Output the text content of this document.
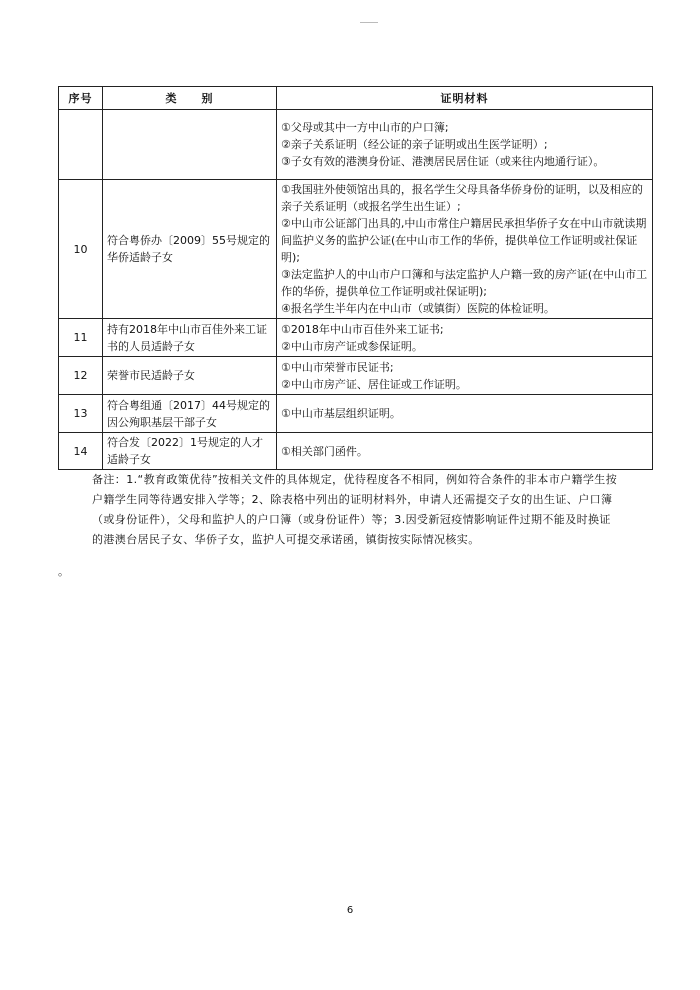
序号	类　　别	证明材料

		①父母或其中一方中山市的户口簿;
②亲子关系证明（经公证的亲子证明或出生医学证明）;
③子女有效的港澳身份证、港澳居民居住证（或来往内地通行证）。

10	符合粤侨办〔2009〕55号规定的华侨适龄子女	①我国驻外使领馆出具的，报名学生父母具备华侨身份的证明，以及相应的亲子关系证明（或报名学生出生证）;
②中山市公证部门出具的,中山市常住户籍居民承担华侨子女在中山市就读期间监护义务的监护公证(在中山市工作的华侨，提供单位工作证明或社保证明);
③法定监护人的中山市户口簿和与法定监护人户籍一致的房产证(在中山市工作的华侨，提供单位工作证明或社保证明);
④报名学生半年内在中山市（或镇街）医院的体检证明。

11	持有2018年中山市百佳外来工证书的人员适龄子女	①2018年中山市百佳外来工证书;
②中山市房产证或参保证明。

12	荣誉市民适龄子女	①中山市荣誉市民证书;
②中山市房产证、居住证或工作证明。

13	符合粤组通〔2017〕44号规定的因公殉职基层干部子女	①中山市基层组织证明。

14	符合发〔2022〕1号规定的人才适龄子女	①相关部门函件。
备注：1.“教育政策优待”按相关文件的具体规定，优待程度各不相同，例如符合条件的非本市户籍学生按户籍学生同等待遇安排入学等；2、除表格中列出的证明材料外，申请人还需提交子女的出生证、户口簿（或身份证件），父母和监护人的户口簿（或身份证件）等；3.因受新冠疫情影响证件过期不能及时换证的港澳台居民子女、华侨子女，监护人可提交承诺函，镇街按实际情况核实。
。
6
